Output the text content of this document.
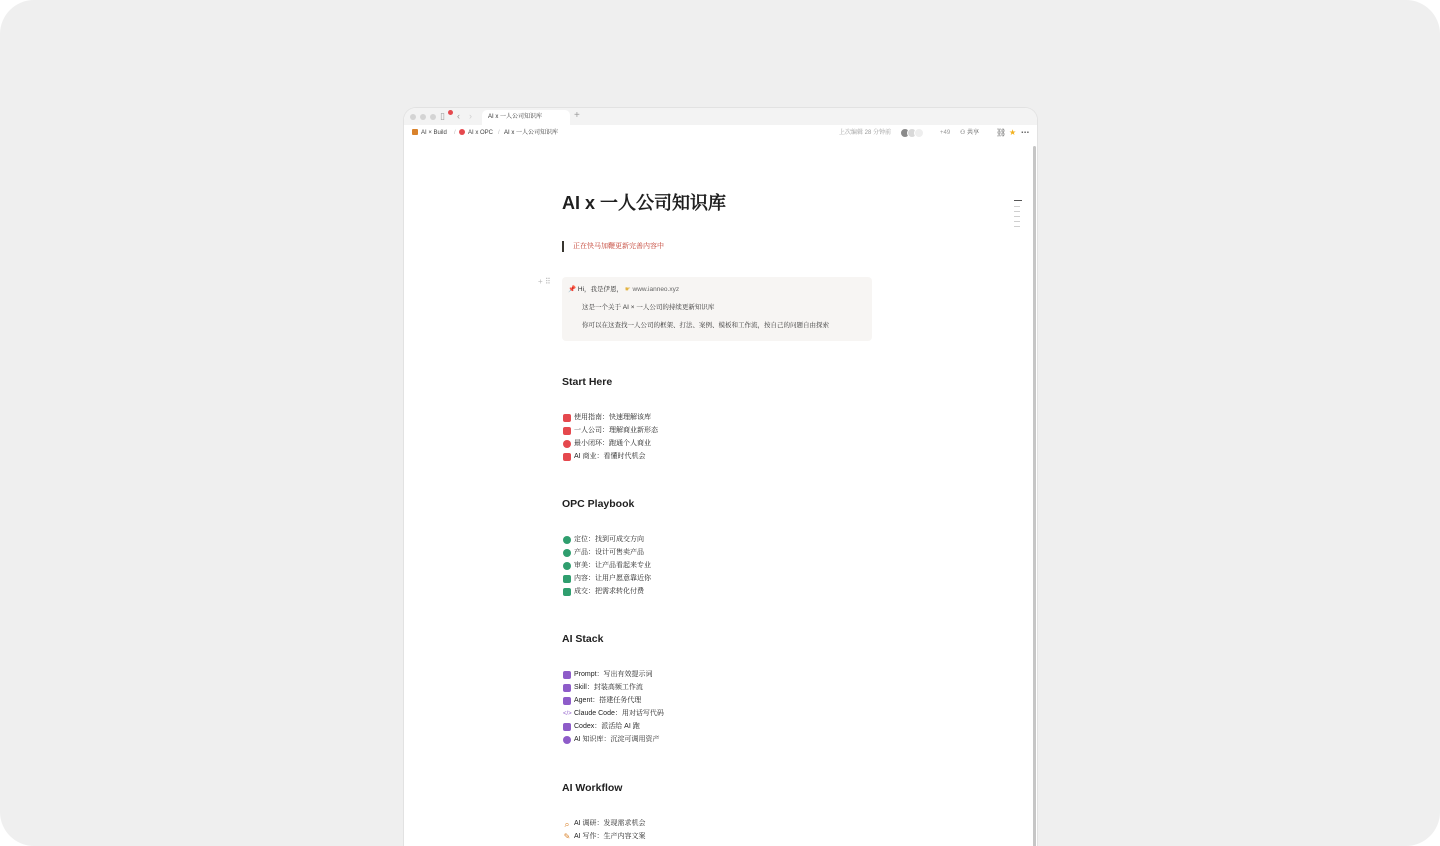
▯ ‹ ›	AI x 一人公司知识库	+
AI × Build /	AI x OPC / AI x 一人公司知识库	上次编辑 28 分钟前	+49 ⚇ 共享 ⛓ ★ ⋯
AI x 一人公司知识库
正在快马加鞭更新完善内容中
+ ⠿
📌 Hi，我是伊恩， ☛ www.ianneo.xyz
这是一个关于 AI × 一人公司的持续更新知识库
你可以在这查找一人公司的框架、打法、案例、模板和工作流，按自己的问题自由探索
Start Here
使用指南：快速理解该库
一人公司：理解商业新形态
最小闭环：跑通个人商业
AI 商业：看懂时代机会
OPC Playbook
定位：找到可成交方向
产品：设计可售卖产品
审美：让产品看起来专业
内容：让用户愿意靠近你
成交：把需求转化付费
AI Stack
Prompt：写出有效提示词
Skill：封装高频工作流
Agent：搭建任务代理
</> Claude Code：用对话写代码
Codex：派活给 AI 跑
AI 知识库：沉淀可调用资产
AI Workflow
⌕ AI 调研：发现需求机会
✎ AI 写作：生产内容文案
